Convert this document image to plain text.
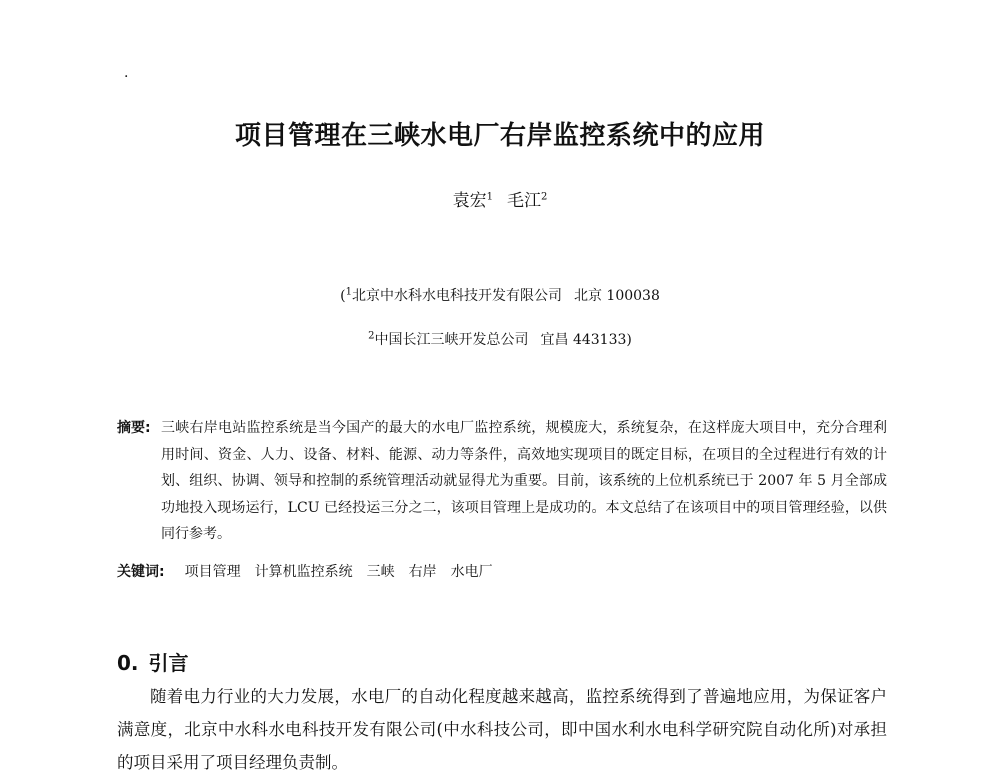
·
项目管理在三峡水电厂右岸监控系统中的应用
袁宏$^1$ 毛江$^2$
($^1$北京中水科水电科技开发有限公司 北京 100038
$^2$中国长江三峡开发总公司 宜昌 443133)
摘要: 三峡右岸电站监控系统是当今国产的最大的水电厂监控系统，规模庞大，系统复杂，在这样庞大项目中，充分合理利用时间、资金、人力、设备、材料、能源、动力等条件，高效地实现项目的既定目标，在项目的全过程进行有效的计划、组织、协调、领导和控制的系统管理活动就显得尤为重要。目前，该系统的上位机系统已于 2007 年 5 月全部成功地投入现场运行，LCU 已经投运三分之二，该项目管理上是成功的。本文总结了在该项目中的项目管理经验，以供同行参考。
关键词: 项目管理 计算机监控系统 三峡 右岸 水电厂
0. 引言
随着电力行业的大力发展，水电厂的自动化程度越来越高，监控系统得到了普遍地应用，为保证客户满意度，北京中水科水电科技开发有限公司(中水科技公司，即中国水利水电科学研究院自动化所)对承担的项目采用了项目经理负责制。
